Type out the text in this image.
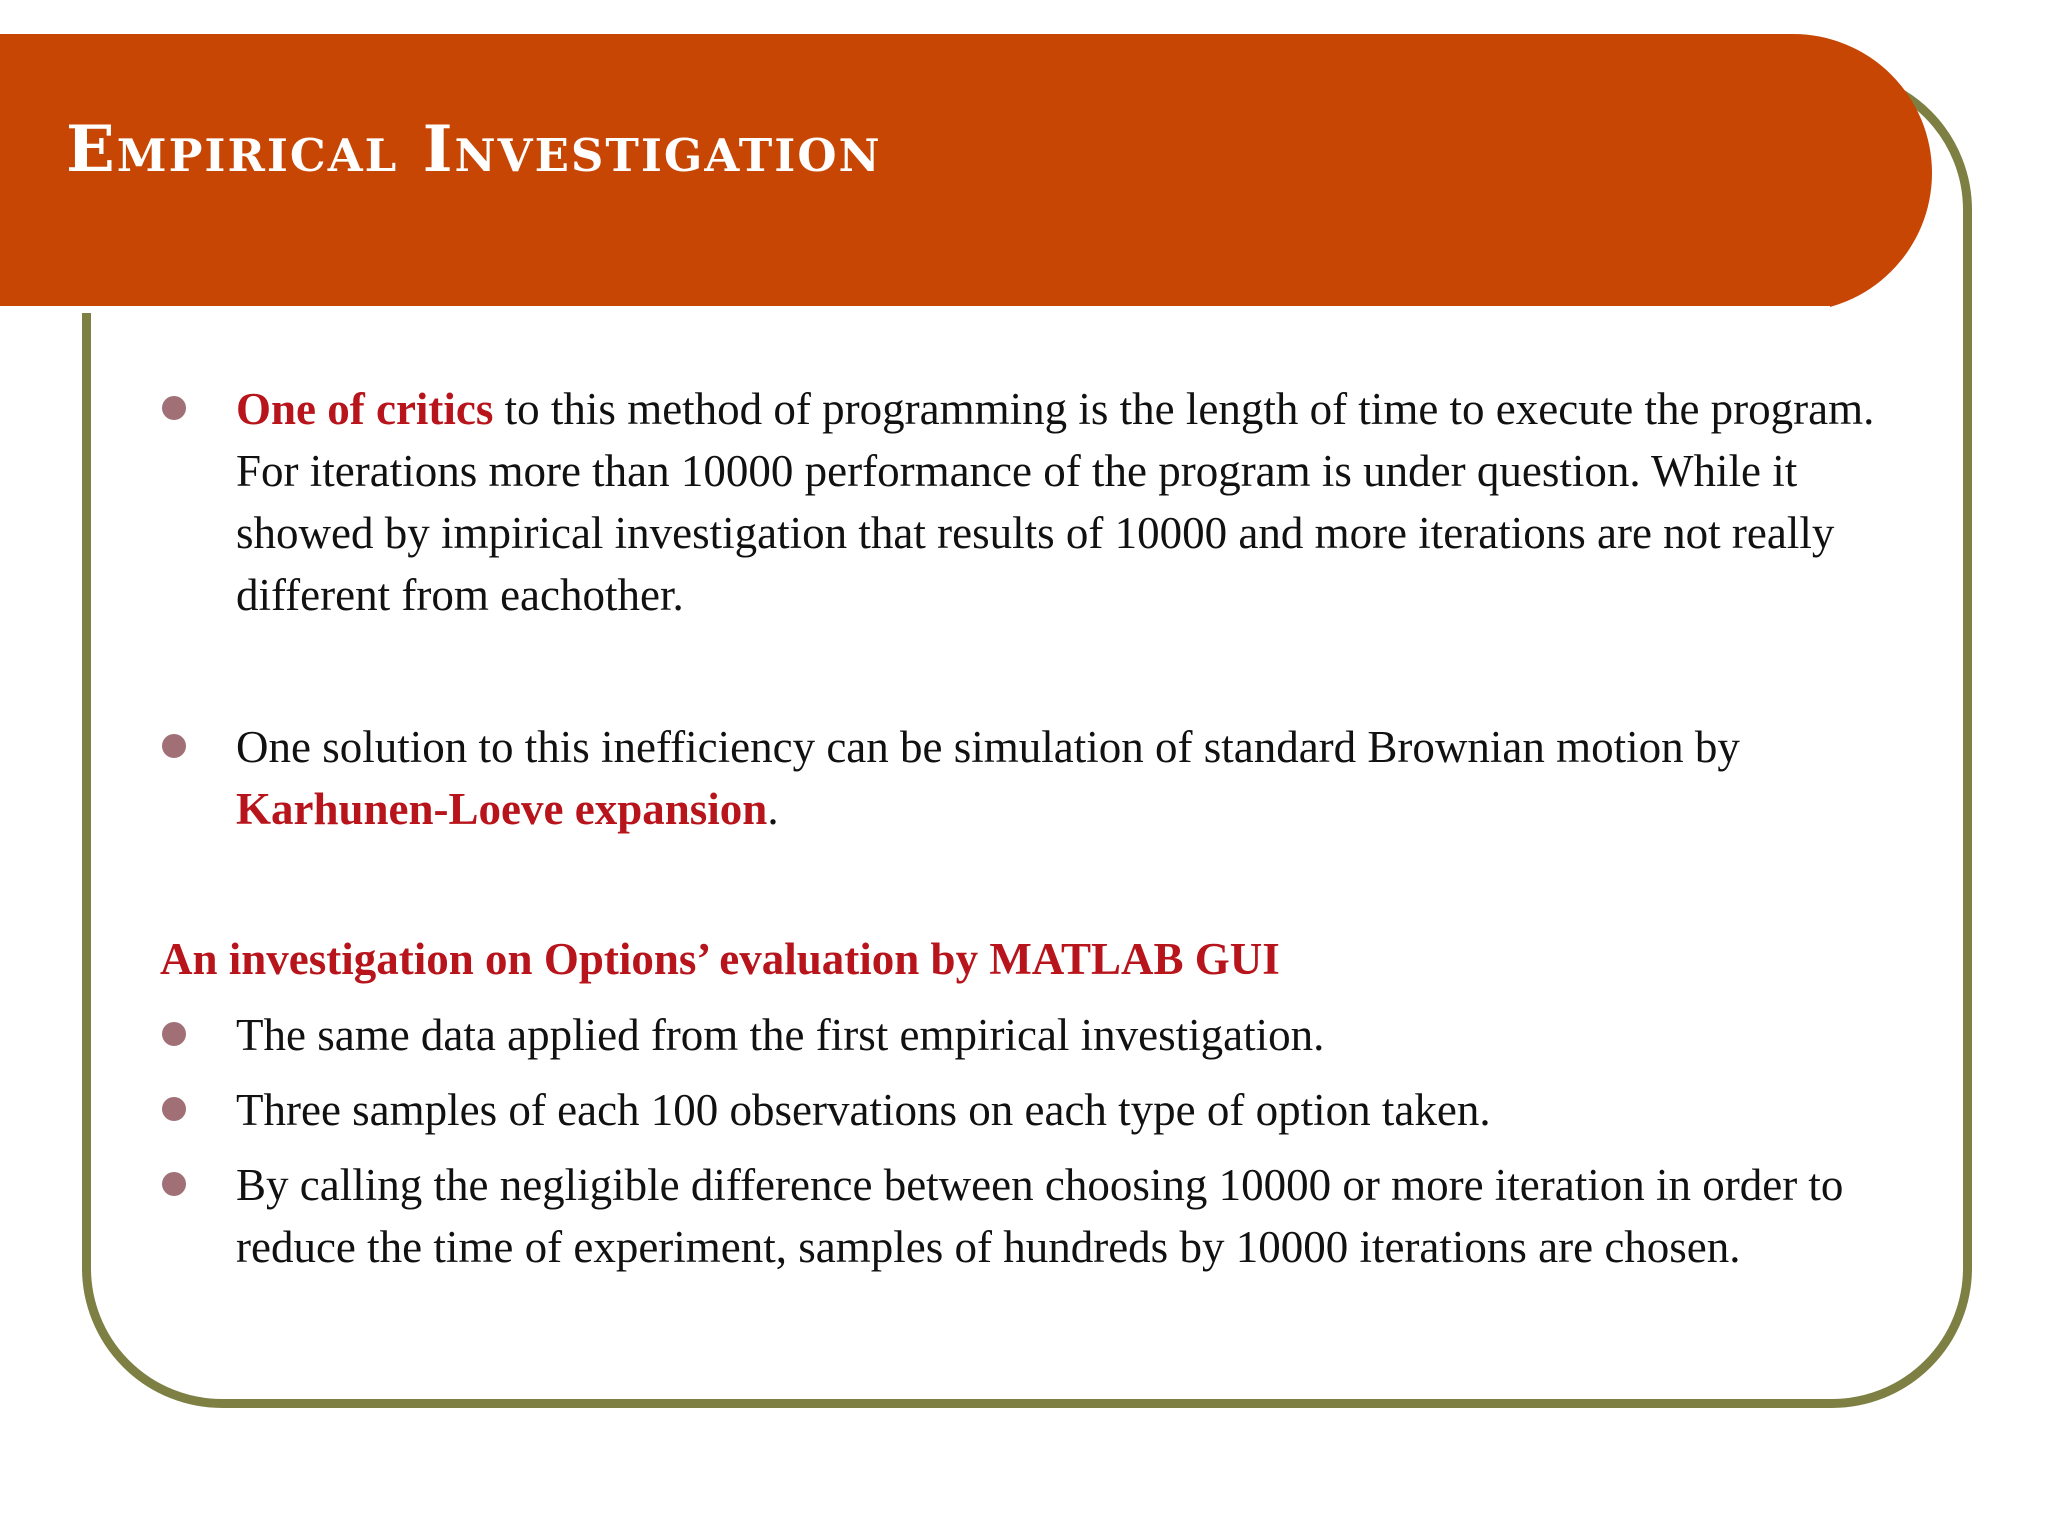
Empirical Investigation
One of critics to this method of programming is the length of time to execute the program. For iterations more than 10000 performance of the program is under question. While it showed by impirical investigation that results of 10000 and more iterations are not really different from eachother.
One solution to this inefficiency can be simulation of standard Brownian motion by Karhunen-Loeve expansion.
An investigation on Options’ evaluation by MATLAB GUI
The same data applied from the first empirical investigation.
Three samples of each 100 observations on each type of option taken.
By calling the negligible difference between choosing 10000 or more iteration in order to reduce the time of experiment, samples of hundreds by 10000 iterations are chosen.
